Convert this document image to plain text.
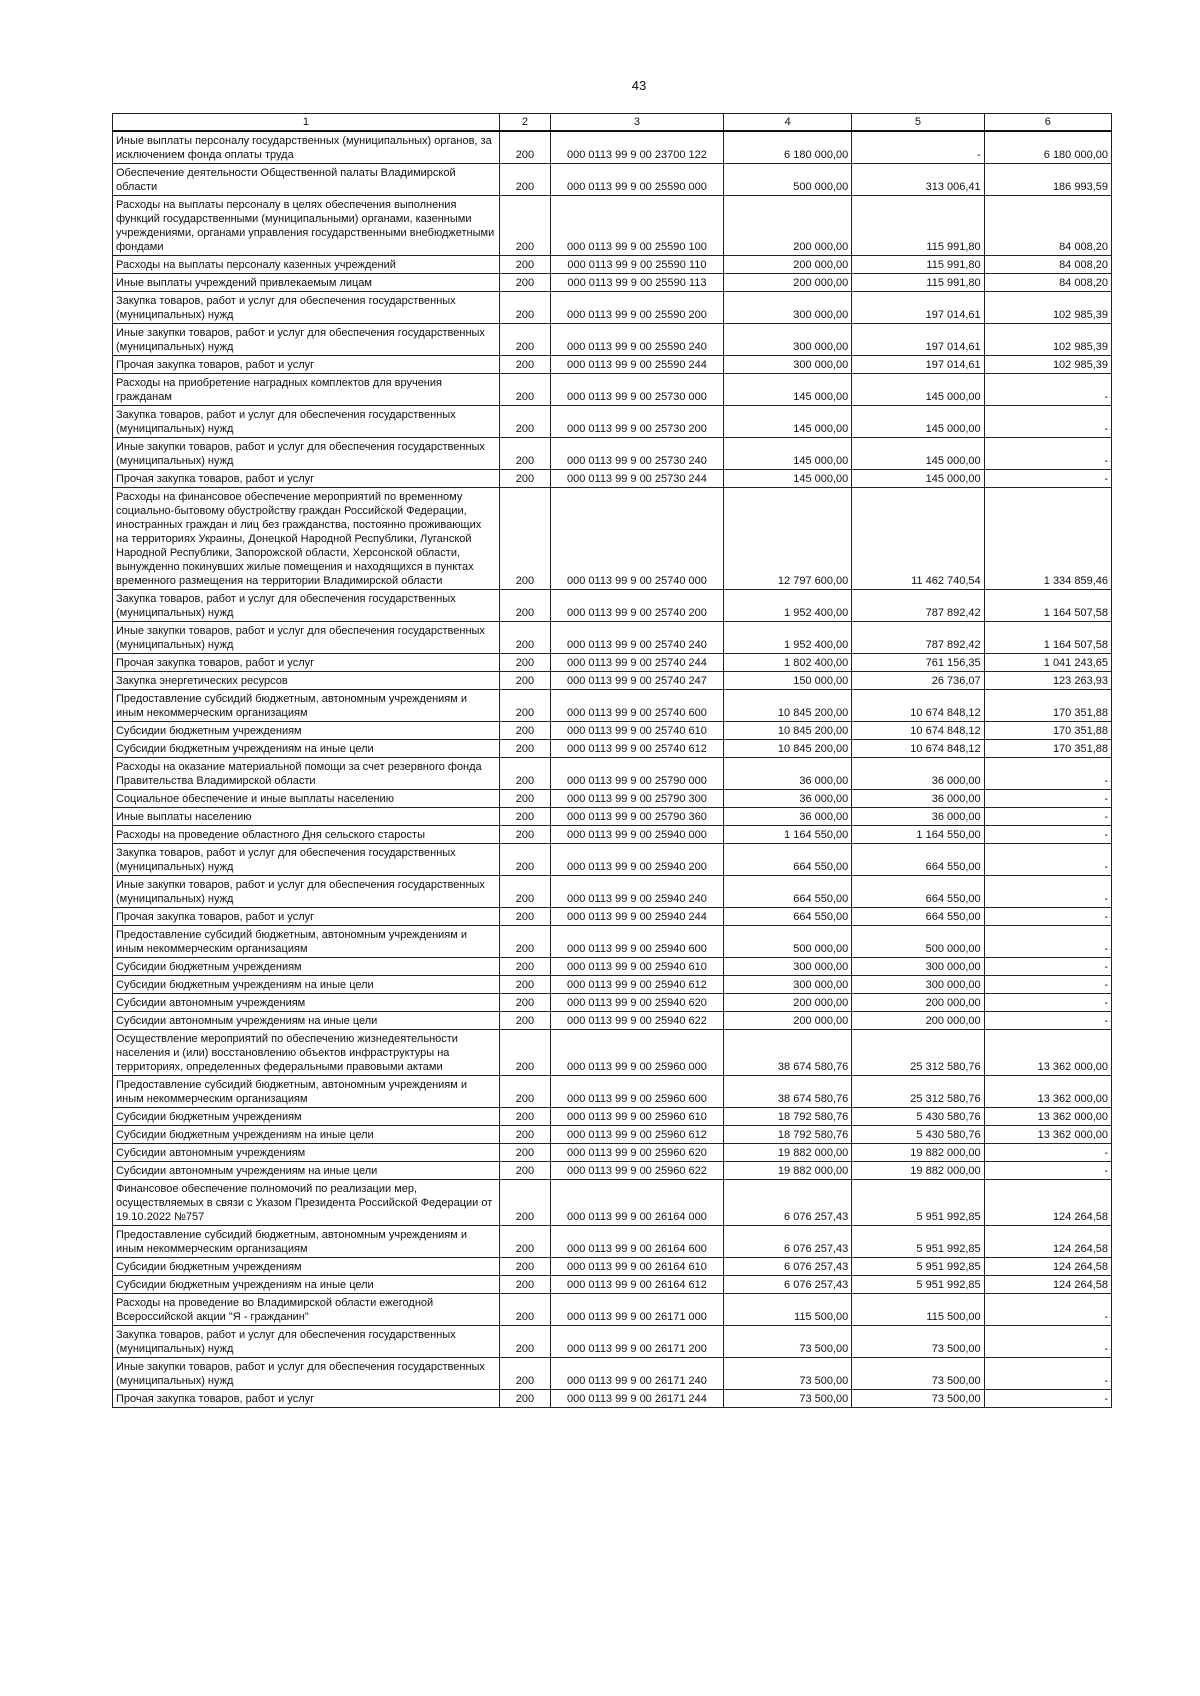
43
1	2	3	4	5	6
Иные выплаты персоналу государственных (муниципальных) органов, за исключением фонда оплаты труда	200	000 0113 99 9 00 23700 122	6 180 000,00	-	6 180 000,00
Обеспечение деятельности Общественной палаты Владимирской области	200	000 0113 99 9 00 25590 000	500 000,00	313 006,41	186 993,59
Расходы на выплаты персоналу в целях обеспечения выполнения функций государственными (муниципальными) органами, казенными учреждениями, органами управления государственными внебюджетными фондами	200	000 0113 99 9 00 25590 100	200 000,00	115 991,80	84 008,20
Расходы на выплаты персоналу казенных учреждений	200	000 0113 99 9 00 25590 110	200 000,00	115 991,80	84 008,20
Иные выплаты учреждений привлекаемым лицам	200	000 0113 99 9 00 25590 113	200 000,00	115 991,80	84 008,20
Закупка товаров, работ и услуг для обеспечения государственных (муниципальных) нужд	200	000 0113 99 9 00 25590 200	300 000,00	197 014,61	102 985,39
Иные закупки товаров, работ и услуг для обеспечения государственных (муниципальных) нужд	200	000 0113 99 9 00 25590 240	300 000,00	197 014,61	102 985,39
Прочая закупка товаров, работ и услуг	200	000 0113 99 9 00 25590 244	300 000,00	197 014,61	102 985,39
Расходы на приобретение наградных комплектов для вручения гражданам	200	000 0113 99 9 00 25730 000	145 000,00	145 000,00	-
Закупка товаров, работ и услуг для обеспечения государственных (муниципальных) нужд	200	000 0113 99 9 00 25730 200	145 000,00	145 000,00	-
Иные закупки товаров, работ и услуг для обеспечения государственных (муниципальных) нужд	200	000 0113 99 9 00 25730 240	145 000,00	145 000,00	-
Прочая закупка товаров, работ и услуг	200	000 0113 99 9 00 25730 244	145 000,00	145 000,00	-
Расходы на финансовое обеспечение мероприятий по временному социально-бытовому обустройству граждан Российской Федерации, иностранных граждан и лиц без гражданства, постоянно проживающих на территориях Украины, Донецкой Народной Республики, Луганской Народной Республики, Запорожской области, Херсонской области, вынужденно покинувших жилые помещения и находящихся в пунктах временного размещения на территории Владимирской области	200	000 0113 99 9 00 25740 000	12 797 600,00	11 462 740,54	1 334 859,46
Закупка товаров, работ и услуг для обеспечения государственных (муниципальных) нужд	200	000 0113 99 9 00 25740 200	1 952 400,00	787 892,42	1 164 507,58
Иные закупки товаров, работ и услуг для обеспечения государственных (муниципальных) нужд	200	000 0113 99 9 00 25740 240	1 952 400,00	787 892,42	1 164 507,58
Прочая закупка товаров, работ и услуг	200	000 0113 99 9 00 25740 244	1 802 400,00	761 156,35	1 041 243,65
Закупка энергетических ресурсов	200	000 0113 99 9 00 25740 247	150 000,00	26 736,07	123 263,93
Предоставление субсидий бюджетным, автономным учреждениям и иным некоммерческим организациям	200	000 0113 99 9 00 25740 600	10 845 200,00	10 674 848,12	170 351,88
Субсидии бюджетным учреждениям	200	000 0113 99 9 00 25740 610	10 845 200,00	10 674 848,12	170 351,88
Субсидии бюджетным учреждениям на иные цели	200	000 0113 99 9 00 25740 612	10 845 200,00	10 674 848,12	170 351,88
Расходы на оказание материальной помощи за счет резервного фонда Правительства Владимирской области	200	000 0113 99 9 00 25790 000	36 000,00	36 000,00	-
Социальное обеспечение и иные выплаты населению	200	000 0113 99 9 00 25790 300	36 000,00	36 000,00	-
Иные выплаты населению	200	000 0113 99 9 00 25790 360	36 000,00	36 000,00	-
Расходы на проведение областного Дня сельского старосты	200	000 0113 99 9 00 25940 000	1 164 550,00	1 164 550,00	-
Закупка товаров, работ и услуг для обеспечения государственных (муниципальных) нужд	200	000 0113 99 9 00 25940 200	664 550,00	664 550,00	-
Иные закупки товаров, работ и услуг для обеспечения государственных (муниципальных) нужд	200	000 0113 99 9 00 25940 240	664 550,00	664 550,00	-
Прочая закупка товаров, работ и услуг	200	000 0113 99 9 00 25940 244	664 550,00	664 550,00	-
Предоставление субсидий бюджетным, автономным учреждениям и иным некоммерческим организациям	200	000 0113 99 9 00 25940 600	500 000,00	500 000,00	-
Субсидии бюджетным учреждениям	200	000 0113 99 9 00 25940 610	300 000,00	300 000,00	-
Субсидии бюджетным учреждениям на иные цели	200	000 0113 99 9 00 25940 612	300 000,00	300 000,00	-
Субсидии автономным учреждениям	200	000 0113 99 9 00 25940 620	200 000,00	200 000,00	-
Субсидии автономным учреждениям на иные цели	200	000 0113 99 9 00 25940 622	200 000,00	200 000,00	-
Осуществление мероприятий по обеспечению жизнедеятельности населения и (или) восстановлению объектов инфраструктуры на территориях, определенных федеральными правовыми актами	200	000 0113 99 9 00 25960 000	38 674 580,76	25 312 580,76	13 362 000,00
Предоставление субсидий бюджетным, автономным учреждениям и иным некоммерческим организациям	200	000 0113 99 9 00 25960 600	38 674 580,76	25 312 580,76	13 362 000,00
Субсидии бюджетным учреждениям	200	000 0113 99 9 00 25960 610	18 792 580,76	5 430 580,76	13 362 000,00
Субсидии бюджетным учреждениям на иные цели	200	000 0113 99 9 00 25960 612	18 792 580,76	5 430 580,76	13 362 000,00
Субсидии автономным учреждениям	200	000 0113 99 9 00 25960 620	19 882 000,00	19 882 000,00	-
Субсидии автономным учреждениям на иные цели	200	000 0113 99 9 00 25960 622	19 882 000,00	19 882 000,00	-
Финансовое обеспечение полномочий по реализации мер, осуществляемых в связи с Указом Президента Российской Федерации от 19.10.2022 №757	200	000 0113 99 9 00 26164 000	6 076 257,43	5 951 992,85	124 264,58
Предоставление субсидий бюджетным, автономным учреждениям и иным некоммерческим организациям	200	000 0113 99 9 00 26164 600	6 076 257,43	5 951 992,85	124 264,58
Субсидии бюджетным учреждениям	200	000 0113 99 9 00 26164 610	6 076 257,43	5 951 992,85	124 264,58
Субсидии бюджетным учреждениям на иные цели	200	000 0113 99 9 00 26164 612	6 076 257,43	5 951 992,85	124 264,58
Расходы на проведение во Владимирской области ежегодной Всероссийской акции "Я - гражданин"	200	000 0113 99 9 00 26171 000	115 500,00	115 500,00	-
Закупка товаров, работ и услуг для обеспечения государственных (муниципальных) нужд	200	000 0113 99 9 00 26171 200	73 500,00	73 500,00	-
Иные закупки товаров, работ и услуг для обеспечения государственных (муниципальных) нужд	200	000 0113 99 9 00 26171 240	73 500,00	73 500,00	-
Прочая закупка товаров, работ и услуг	200	000 0113 99 9 00 26171 244	73 500,00	73 500,00	-
